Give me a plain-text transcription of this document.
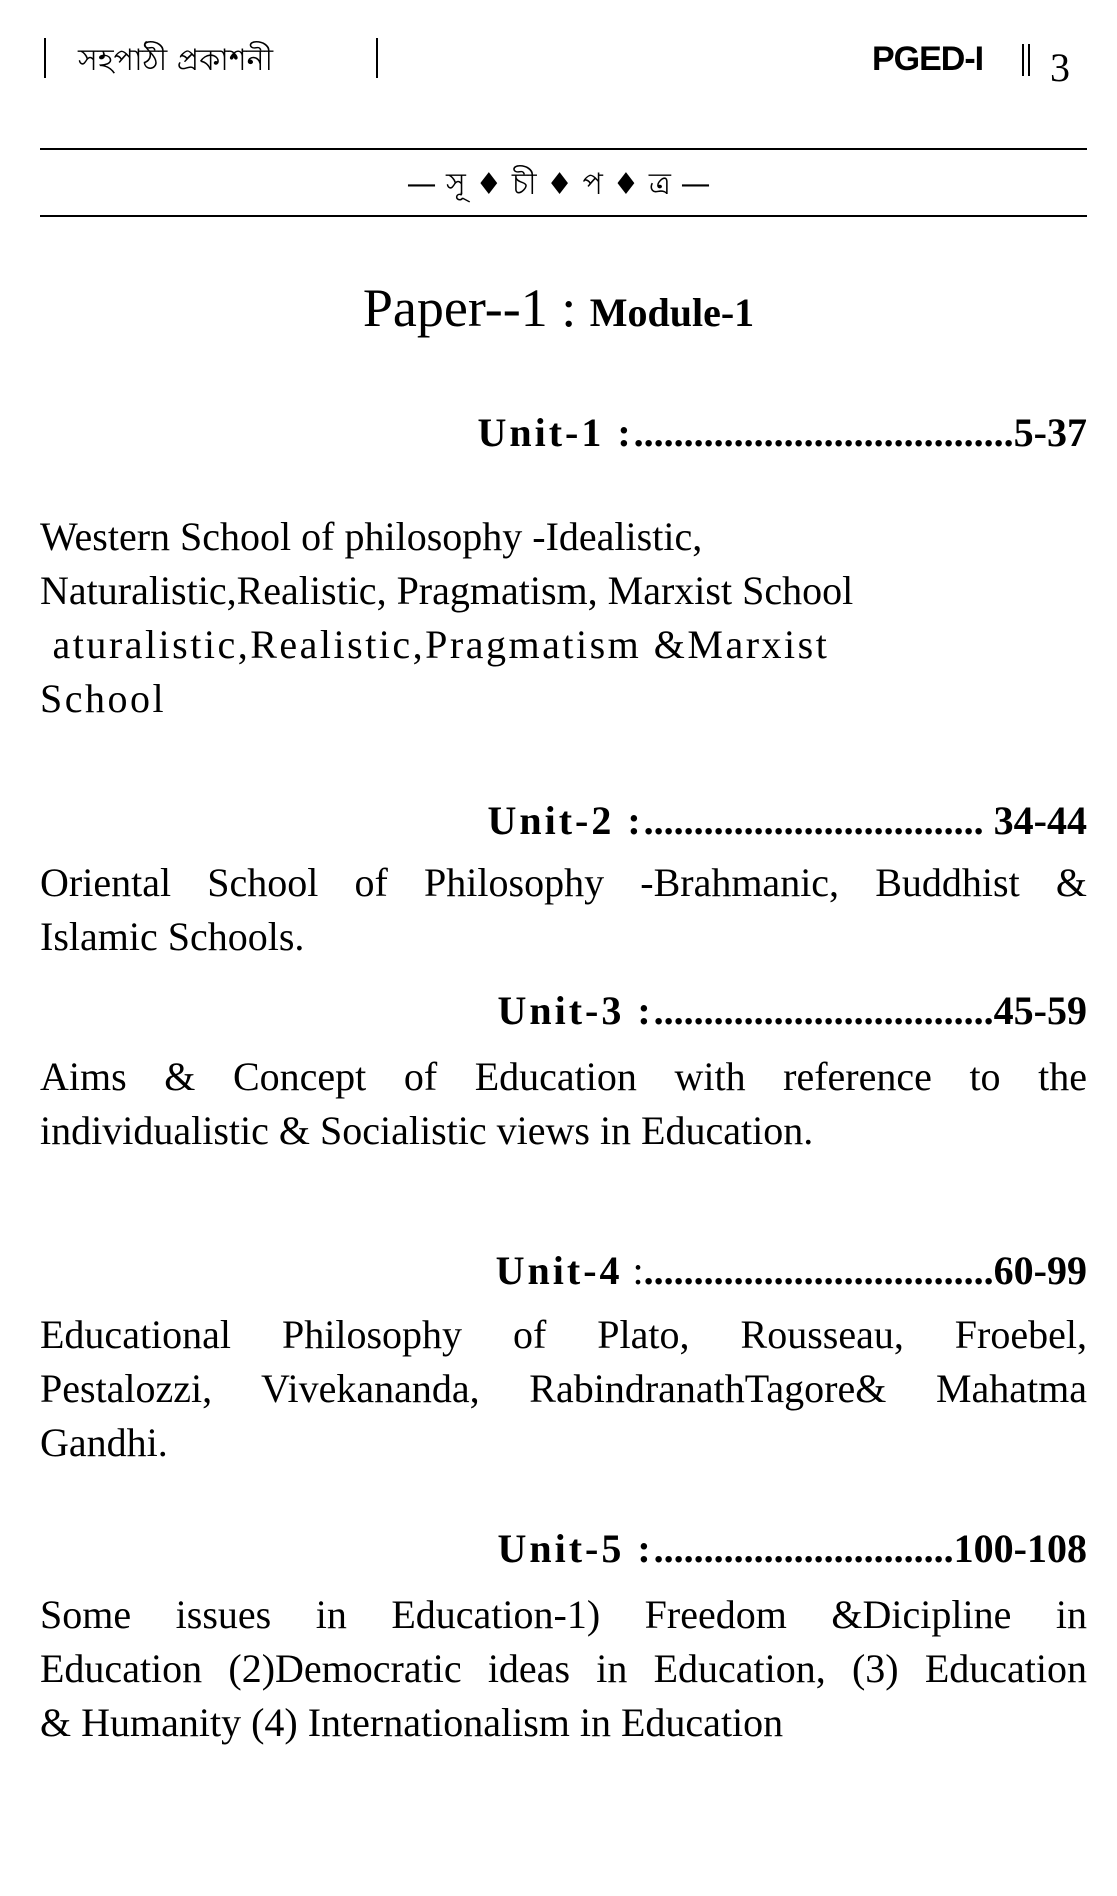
সহপাঠী প্রকাশনী	PGED-I 3
— সূ ♦ চী ♦ প ♦ ত্র —
Paper--1 : Module-1
Unit-1 :......................................5-37
Western School of philosophy -Idealistic,
Naturalistic,Realistic, Pragmatism, Marxist School
aturalistic,Realistic,Pragmatism &Marxist
School
Unit-2 :.................................. 34-44
Oriental School of Philosophy -Brahmanic, Buddhist &
Islamic Schools.
Unit-3 :..................................45-59
Aims & Concept of Education with reference to the
individualistic & Socialistic views in Education.
Unit-4 :...................................60-99
Educational Philosophy of Plato, Rousseau, Froebel,
Pestalozzi, Vivekananda, RabindranathTagore& Mahatma
Gandhi.
Unit-5 :..............................100-108
Some issues in Education-1) Freedom &Dicipline in
Education (2)Democratic ideas in Education, (3) Education
& Humanity (4) Internationalism in Education
